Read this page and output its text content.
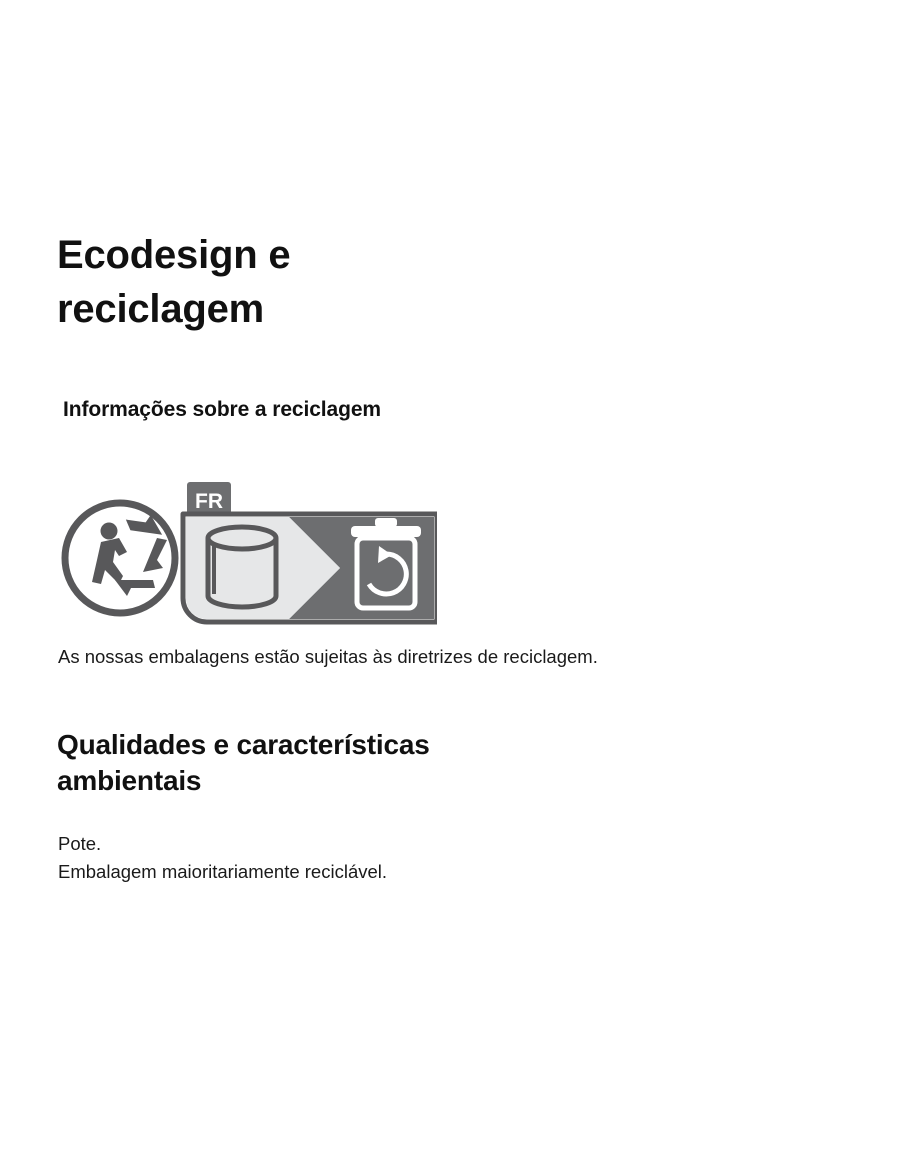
Ecodesign e reciclagem
Informações sobre a reciclagem
FR

As nossas embalagens estão sujeitas às diretrizes de reciclagem.

Qualidades e características ambientais
Pote.
Embalagem maioritariamente reciclável.
